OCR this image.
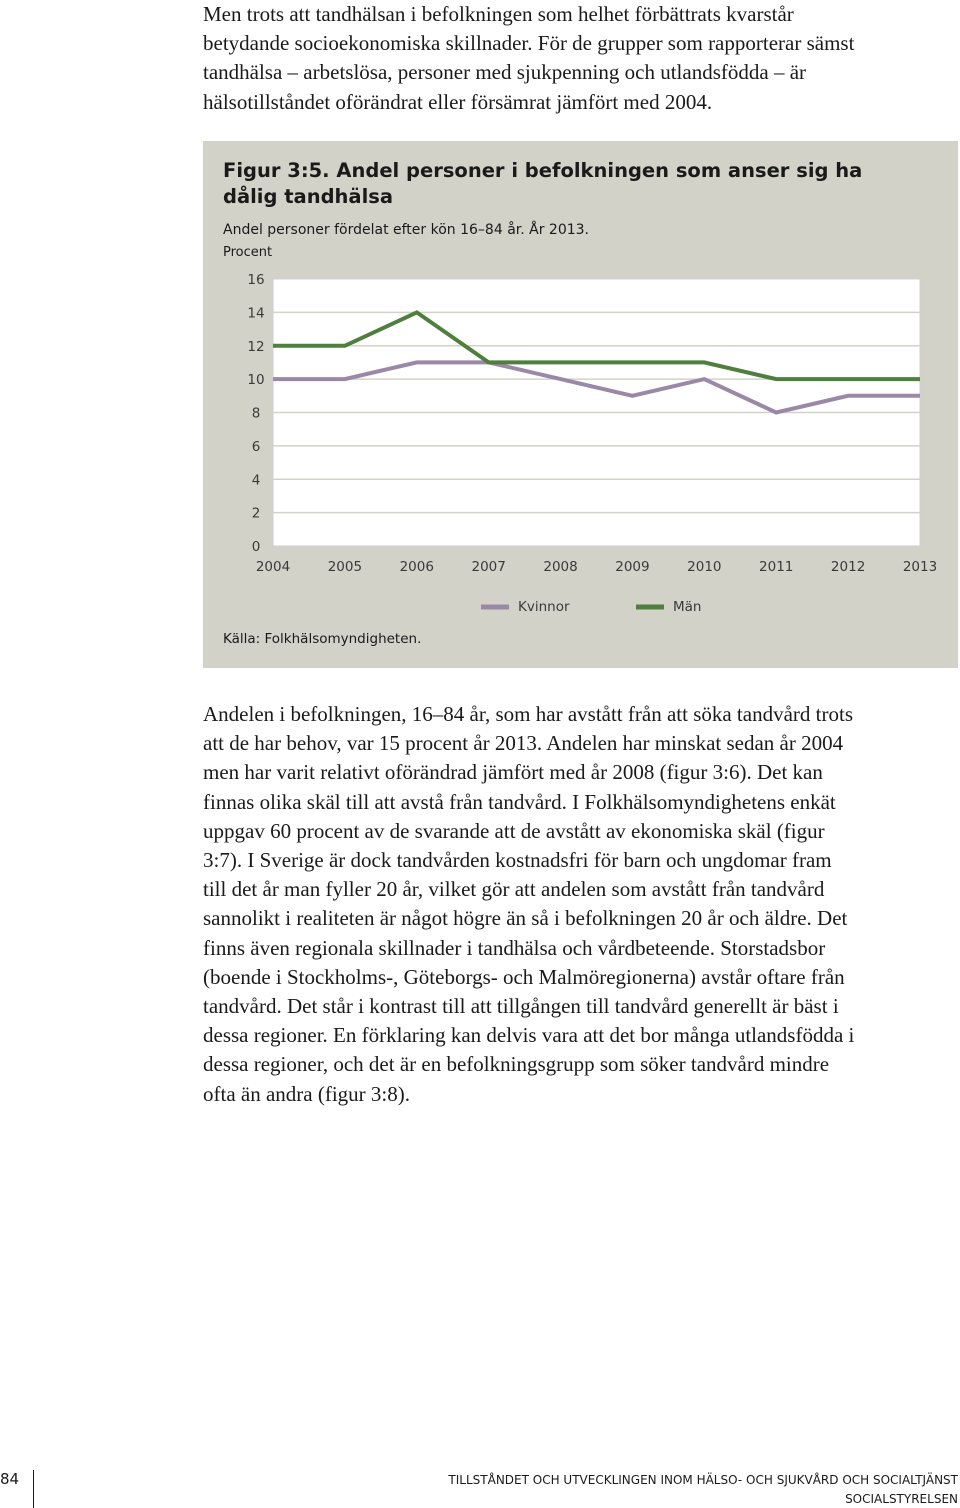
Men trots att tandhälsan i befolkningen som helhet förbättrats kvarstår
betydande socioekonomiska skillnader. För de grupper som rapporterar sämst
tandhälsa – arbetslösa, personer med sjukpenning och utlandsfödda – är
hälsotillståndet oförändrat eller försämrat jämfört med 2004.

Figur 3:5. Andel personer i befolkningen som anser sig ha
dålig tandhälsa

Andel personer fördelat efter kön 16–84 år. År 2013.

Procent

0
2
4
6
8
10
12
14
16
2004	2005	2006	2007	2008	2009	2010	2011	2012	2013
Kvinnor	Män

Källa: Folkhälsomyndigheten.

Andelen i befolkningen, 16–84 år, som har avstått från att söka tandvård trots
att de har behov, var 15 procent år 2013. Andelen har minskat sedan år 2004
men har varit relativt oförändrad jämfört med år 2008 (figur 3:6). Det kan
finnas olika skäl till att avstå från tandvård. I Folkhälsomyndighetens enkät
uppgav 60 procent av de svarande att de avstått av ekonomiska skäl (figur
3:7). I Sverige är dock tandvården kostnadsfri för barn och ungdomar fram
till det år man fyller 20 år, vilket gör att andelen som avstått från tandvård
sannolikt i realiteten är något högre än så i befolkningen 20 år och äldre. Det
finns även regionala skillnader i tandhälsa och vårdbeteende. Storstadsbor
(boende i Stockholms-, Göteborgs- och Malmöregionerna) avstår oftare från
tandvård. Det står i kontrast till att tillgången till tandvård generellt är bäst i
dessa regioner. En förklaring kan delvis vara att det bor många utlandsfödda i
dessa regioner, och det är en befolkningsgrupp som söker tandvård mindre
ofta än andra (figur 3:8).

84	TILLSTÅNDET OCH UTVECKLINGEN INOM HÄLSO- OCH SJUKVÅRD OCH SOCIALTJÄNST

SOCIALSTYRELSEN
